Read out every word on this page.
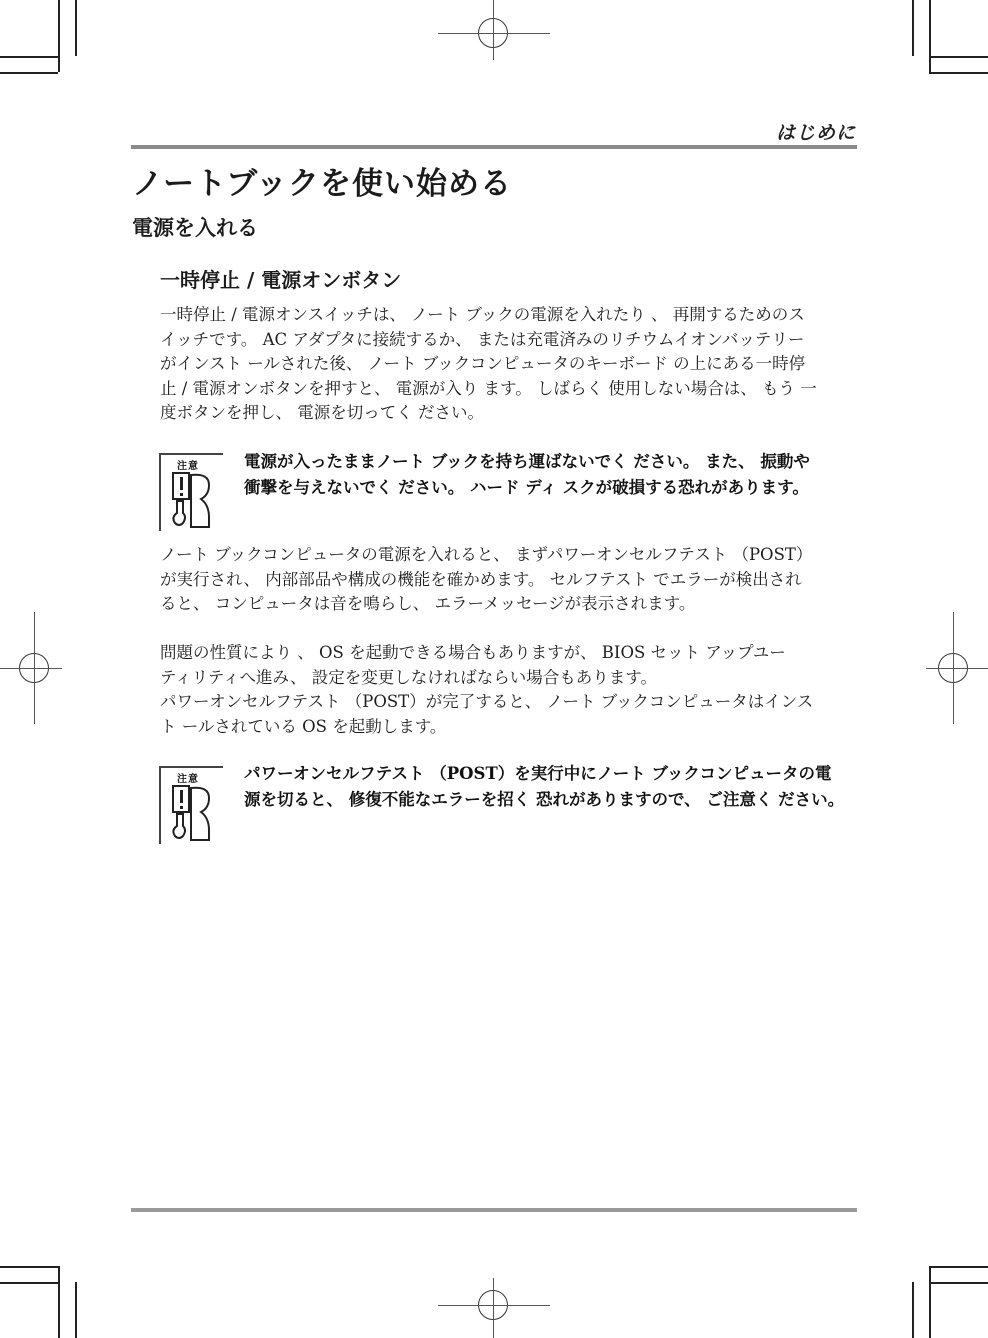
はじめに
ノートブックを使い始める
電源を入れる
一時停止 / 電源オンボタン
一時停止 / 電源オンスイッチは、 ノート ブックの電源を入れたり 、 再開するためのス
イッチです。 AC アダプタに接続するか、 または充電済みのリチウムイオンバッテリー
がインスト ールされた後、 ノート ブックコンピュータのキーボード の上にある一時停
止 / 電源オンボタンを押すと、 電源が入り ます。 しばらく 使用しない場合は、 もう 一
度ボタンを押し、 電源を切ってく ださい。
注意	電源が入ったままノート ブックを持ち運ばないでく ださい。 また、 振動や
衝撃を与えないでく ださい。 ハード ディ スクが破損する恐れがあります。
ノート ブックコンピュータの電源を入れると、 まずパワーオンセルフテスト （POST）
が実行され、 内部部品や構成の機能を確かめます。 セルフテスト でエラーが検出され
ると、 コンピュータは音を鳴らし、 エラーメッセージが表示されます。
問題の性質により 、 OS を起動できる場合もありますが、 BIOS セット アップユー
ティリティへ進み、 設定を変更しなければならい場合もあります。
パワーオンセルフテスト （POST）が完了すると、 ノート ブックコンピュータはインス
ト ールされている OS を起動します。
注意	パワーオンセルフテスト （POST）を実行中にノート ブックコンピュータの電
源を切ると、 修復不能なエラーを招く 恐れがありますので、 ご注意く ださい。
